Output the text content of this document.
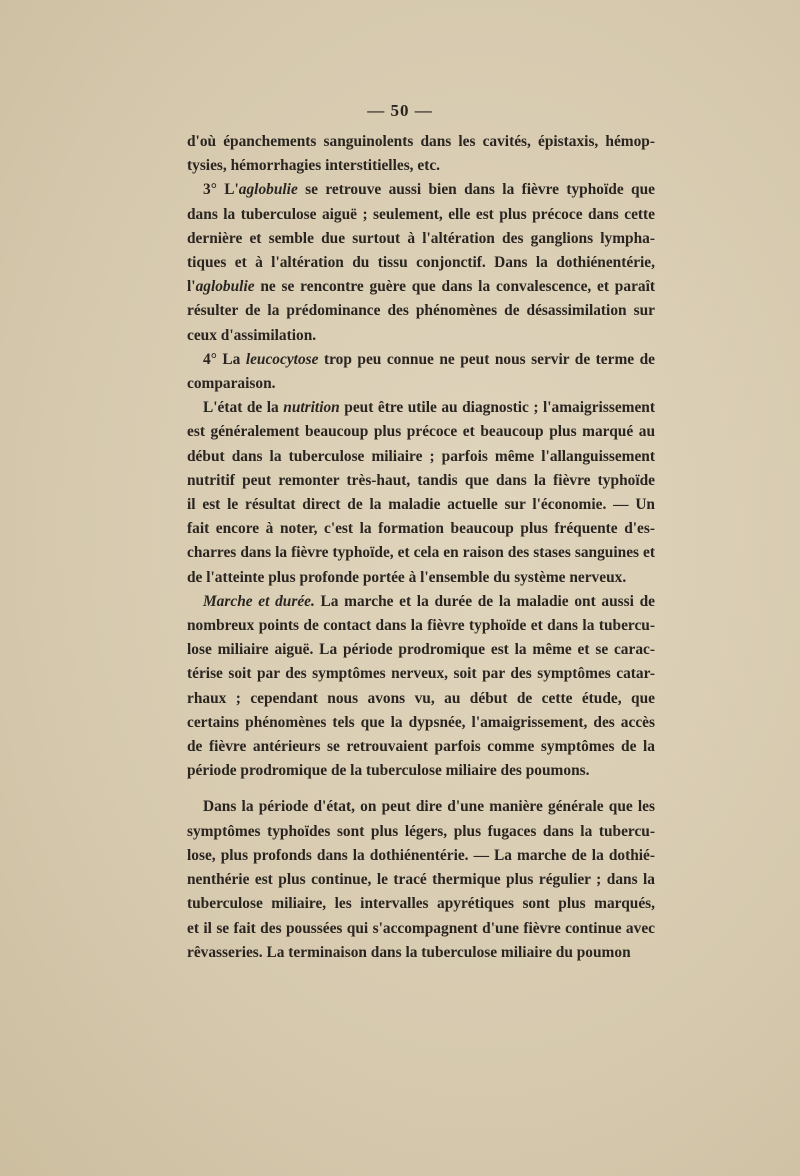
— 50 —
d'où épanchements sanguinolents dans les cavités, épistaxis, hémop-
tysies, hémorrhagies interstitielles, etc.
3° L'aglobulie se retrouve aussi bien dans la fièvre typhoïde que
dans la tuberculose aiguë ; seulement, elle est plus précoce dans cette
dernière et semble due surtout à l'altération des ganglions lympha-
tiques et à l'altération du tissu conjonctif. Dans la dothiénentérie,
l'aglobulie ne se rencontre guère que dans la convalescence, et paraît
résulter de la prédominance des phénomènes de désassimilation sur
ceux d'assimilation.
4° La leucocytose trop peu connue ne peut nous servir de terme de
comparaison.
L'état de la nutrition peut être utile au diagnostic ; l'amaigrissement
est généralement beaucoup plus précoce et beaucoup plus marqué au
début dans la tuberculose miliaire ; parfois même l'allanguissement
nutritif peut remonter très-haut, tandis que dans la fièvre typhoïde
il est le résultat direct de la maladie actuelle sur l'économie. — Un
fait encore à noter, c'est la formation beaucoup plus fréquente d'es-
charres dans la fièvre typhoïde, et cela en raison des stases sanguines et
de l'atteinte plus profonde portée à l'ensemble du système nerveux.
Marche et durée. La marche et la durée de la maladie ont aussi de
nombreux points de contact dans la fièvre typhoïde et dans la tubercu-
lose miliaire aiguë. La période prodromique est la même et se carac-
térise soit par des symptômes nerveux, soit par des symptômes catar-
rhaux ; cependant nous avons vu, au début de cette étude, que
certains phénomènes tels que la dypsnée, l'amaigrissement, des accès
de fièvre antérieurs se retrouvaient parfois comme symptômes de la
période prodromique de la tuberculose miliaire des poumons.
Dans la période d'état, on peut dire d'une manière générale que les
symptômes typhoïdes sont plus légers, plus fugaces dans la tubercu-
lose, plus profonds dans la dothiénentérie. — La marche de la dothié-
nenthérie est plus continue, le tracé thermique plus régulier ; dans la
tuberculose miliaire, les intervalles apyrétiques sont plus marqués,
et il se fait des poussées qui s'accompagnent d'une fièvre continue avec
rêvasseries. La terminaison dans la tuberculose miliaire du poumon
